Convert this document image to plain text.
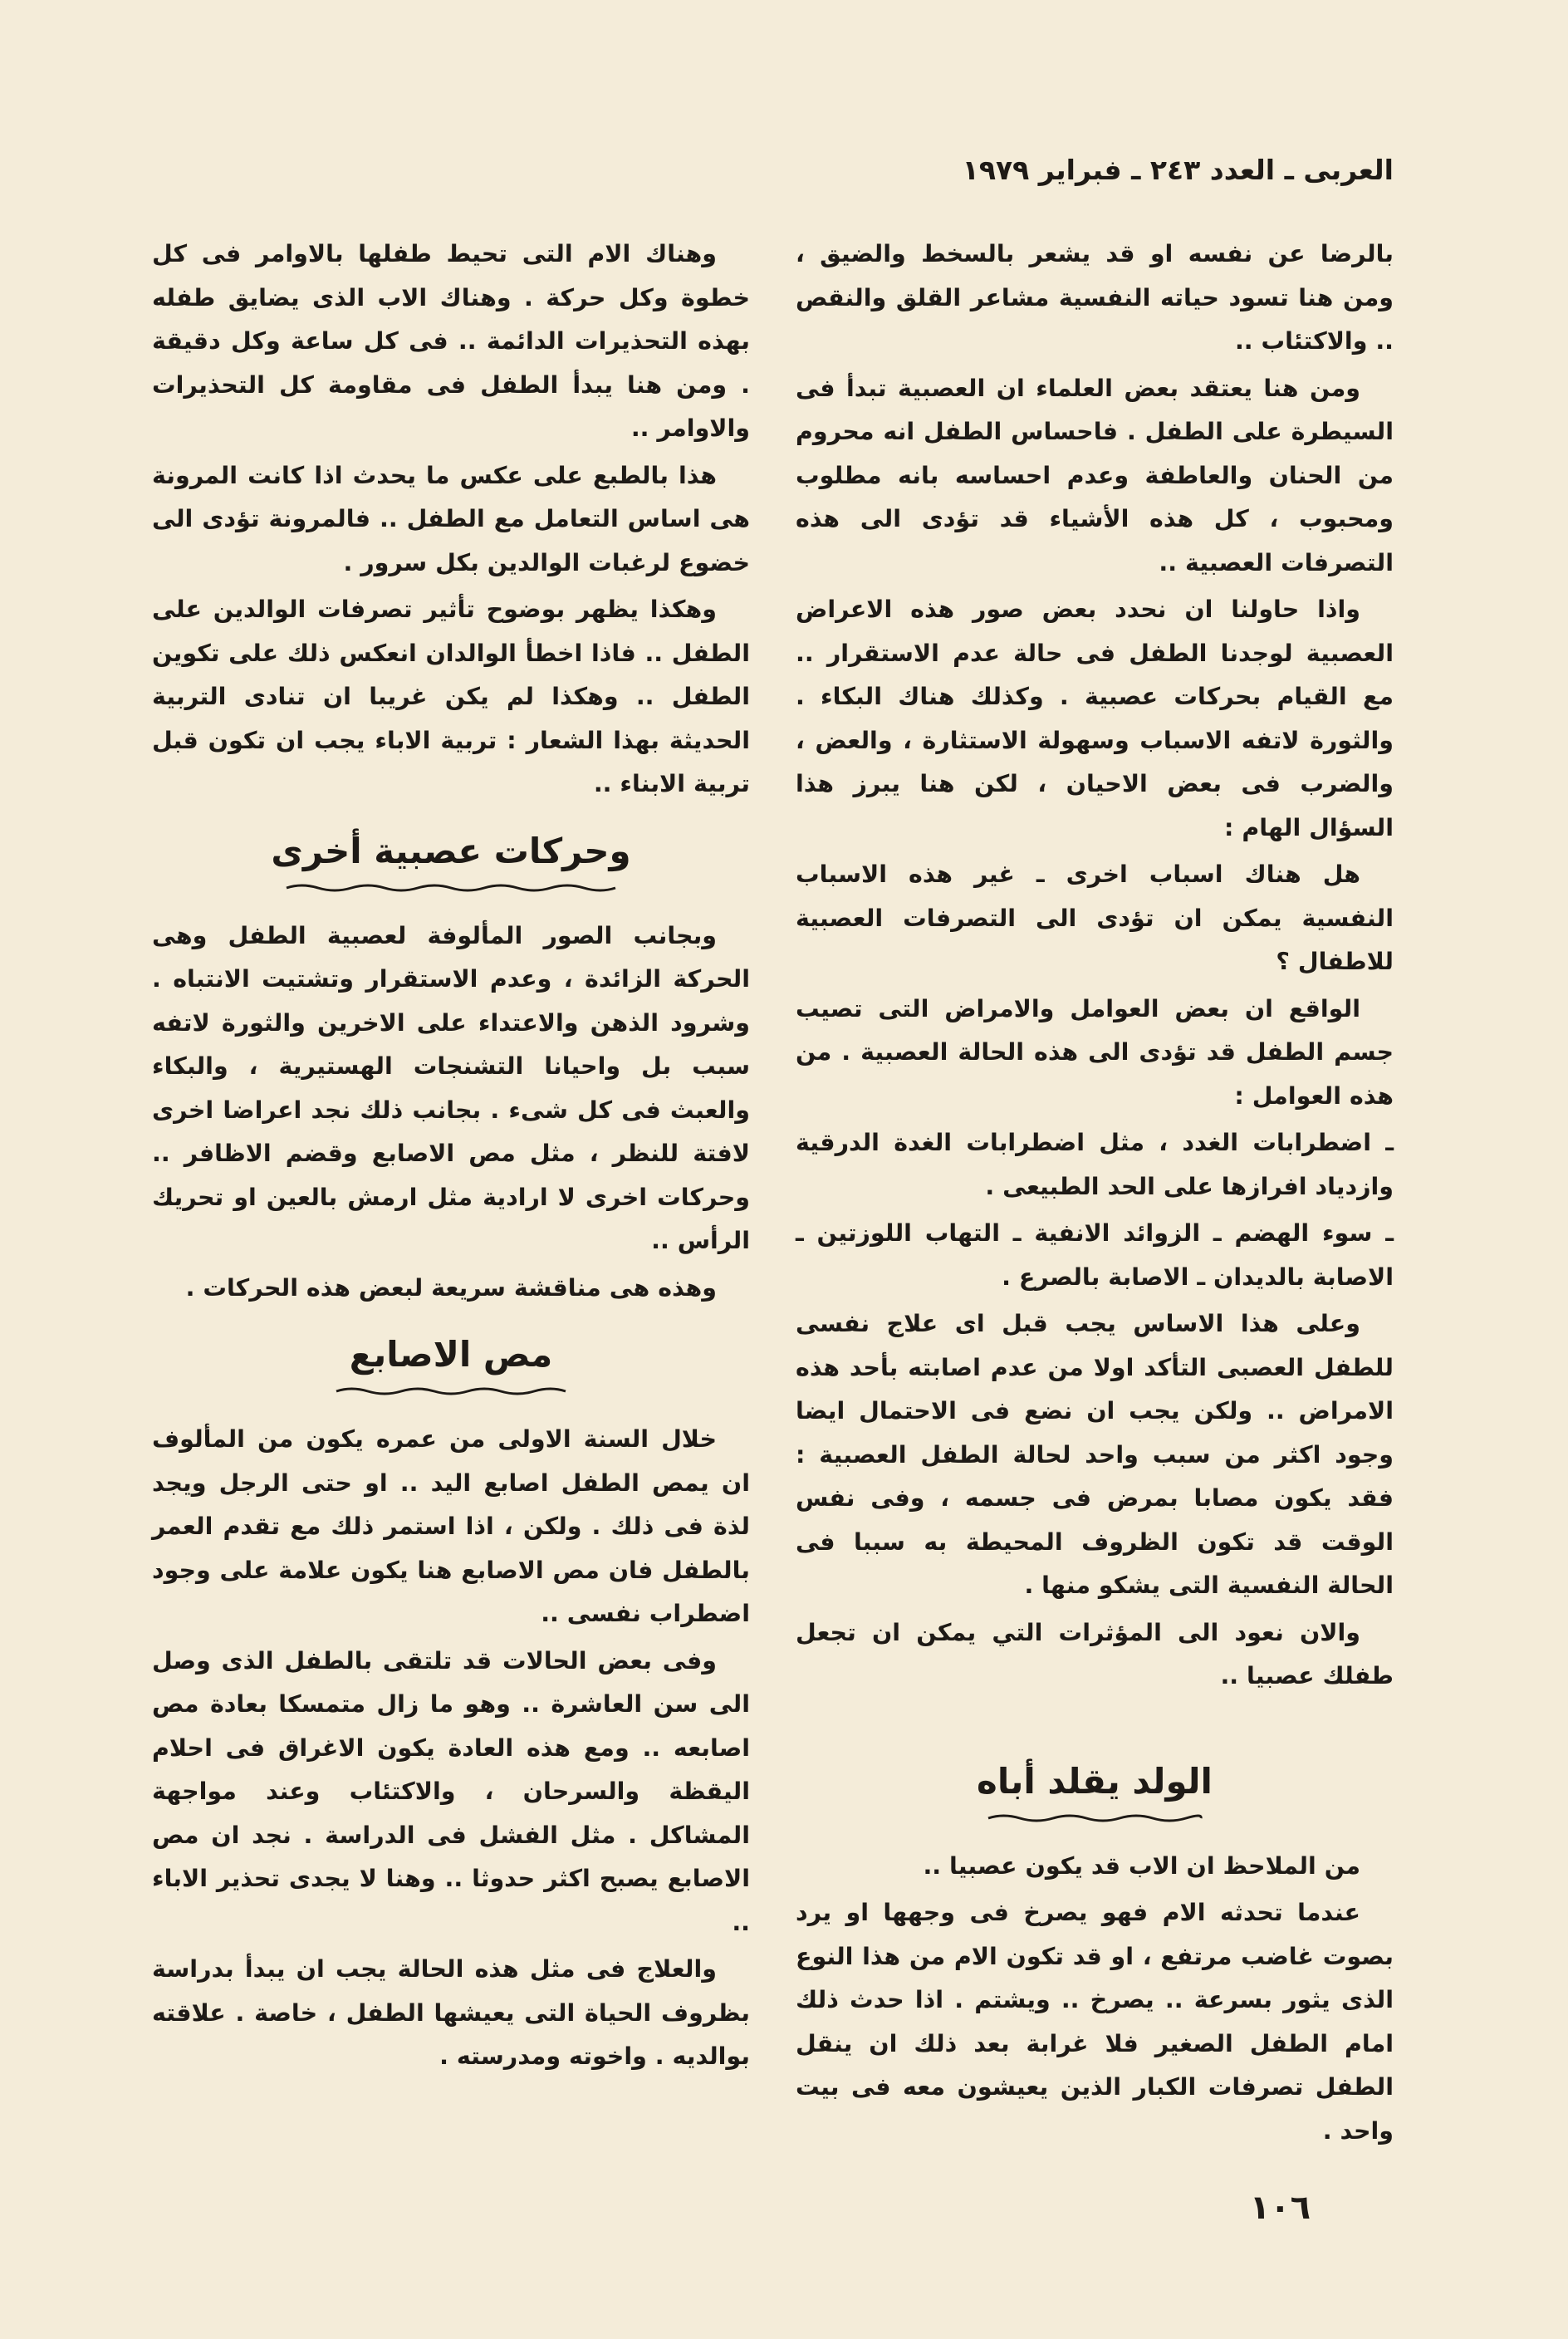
العربى ـ العدد ٢٤٣ ـ فبراير ١٩٧٩

بالرضا عن نفسه او قد يشعر بالسخط والضيق ، ومن هنا تسود حياته النفسية مشاعر القلق والنقص .. والاكتئاب ..

ومن هنا يعتقد بعض العلماء ان العصبية تبدأ فى السيطرة على الطفل . فاحساس الطفل انه محروم من الحنان والعاطفة وعدم احساسه بانه مطلوب ومحبوب ، كل هذه الأشياء قد تؤدى الى هذه التصرفات العصبية ..

واذا حاولنا ان نحدد بعض صور هذه الاعراض العصبية لوجدنا الطفل فى حالة عدم الاستقرار .. مع القيام بحركات عصبية . وكذلك هناك البكاء . والثورة لاتفه الاسباب وسهولة الاستثارة ، والعض ، والضرب فى بعض الاحيان ، لكن هنا يبرز هذا السؤال الهام :

هل هناك اسباب اخرى ـ غير هذه الاسباب النفسية يمكن ان تؤدى الى التصرفات العصبية للاطفال ؟

الواقع ان بعض العوامل والامراض التى تصيب جسم الطفل قد تؤدى الى هذه الحالة العصبية . من هذه العوامل :

ـ اضطرابات الغدد ، مثل اضطرابات الغدة الدرقية وازدياد افرازها على الحد الطبيعى .

ـ سوء الهضم ـ الزوائد الانفية ـ التهاب اللوزتين ـ الاصابة بالديدان ـ الاصابة بالصرع .

وعلى هذا الاساس يجب قبل اى علاج نفسى للطفل العصبى التأكد اولا من عدم اصابته بأحد هذه الامراض .. ولكن يجب ان نضع فى الاحتمال ايضا وجود اكثر من سبب واحد لحالة الطفل العصبية : فقد يكون مصابا بمرض فى جسمه ، وفى نفس الوقت قد تكون الظروف المحيطة به سببا فى الحالة النفسية التى يشكو منها .

والان نعود الى المؤثرات التي يمكن ان تجعل طفلك عصبيا ..

الولد يقلد أباه

من الملاحظ ان الاب قد يكون عصبيا ..

عندما تحدثه الام فهو يصرخ فى وجهها او يرد بصوت غاضب مرتفع ، او قد تكون الام من هذا النوع الذى يثور بسرعة .. يصرخ .. ويشتم . اذا حدث ذلك امام الطفل الصغير فلا غرابة بعد ذلك ان ينقل الطفل تصرفات الكبار الذين يعيشون معه فى بيت واحد .

وهناك الام التى تحيط طفلها بالاوامر فى كل خطوة وكل حركة . وهناك الاب الذى يضايق طفله بهذه التحذيرات الدائمة .. فى كل ساعة وكل دقيقة . ومن هنا يبدأ الطفل فى مقاومة كل التحذيرات والاوامر ..

هذا بالطبع على عكس ما يحدث اذا كانت المرونة هى اساس التعامل مع الطفل .. فالمرونة تؤدى الى خضوع لرغبات الوالدين بكل سرور .

وهكذا يظهر بوضوح تأثير تصرفات الوالدين على الطفل .. فاذا اخطأ الوالدان انعكس ذلك على تكوين الطفل .. وهكذا لم يكن غريبا ان تنادى التربية الحديثة بهذا الشعار : تربية الاباء يجب ان تكون قبل تربية الابناء ..

وحركات عصبية أخرى

وبجانب الصور المألوفة لعصبية الطفل وهى الحركة الزائدة ، وعدم الاستقرار وتشتيت الانتباه . وشرود الذهن والاعتداء على الاخرين والثورة لاتفه سبب بل واحيانا التشنجات الهستيرية ، والبكاء والعبث فى كل شىء . بجانب ذلك نجد اعراضا اخرى لافتة للنظر ، مثل مص الاصابع وقضم الاظافر .. وحركات اخرى لا ارادية مثل ارمش بالعين او تحريك الرأس ..

وهذه هى مناقشة سريعة لبعض هذه الحركات .

مص الاصابع

خلال السنة الاولى من عمره يكون من المألوف ان يمص الطفل اصابع اليد .. او حتى الرجل ويجد لذة فى ذلك . ولكن ، اذا استمر ذلك مع تقدم العمر بالطفل فان مص الاصابع هنا يكون علامة على وجود اضطراب نفسى ..

وفى بعض الحالات قد تلتقى بالطفل الذى وصل الى سن العاشرة .. وهو ما زال متمسكا بعادة مص اصابعه .. ومع هذه العادة يكون الاغراق فى احلام اليقظة والسرحان ، والاكتئاب وعند مواجهة المشاكل . مثل الفشل فى الدراسة . نجد ان مص الاصابع يصبح اكثر حدوثا .. وهنا لا يجدى تحذير الاباء ..

والعلاج فى مثل هذه الحالة يجب ان يبدأ بدراسة بظروف الحياة التى يعيشها الطفل ، خاصة . علاقته بوالديه . واخوته ومدرسته .

١٠٦
